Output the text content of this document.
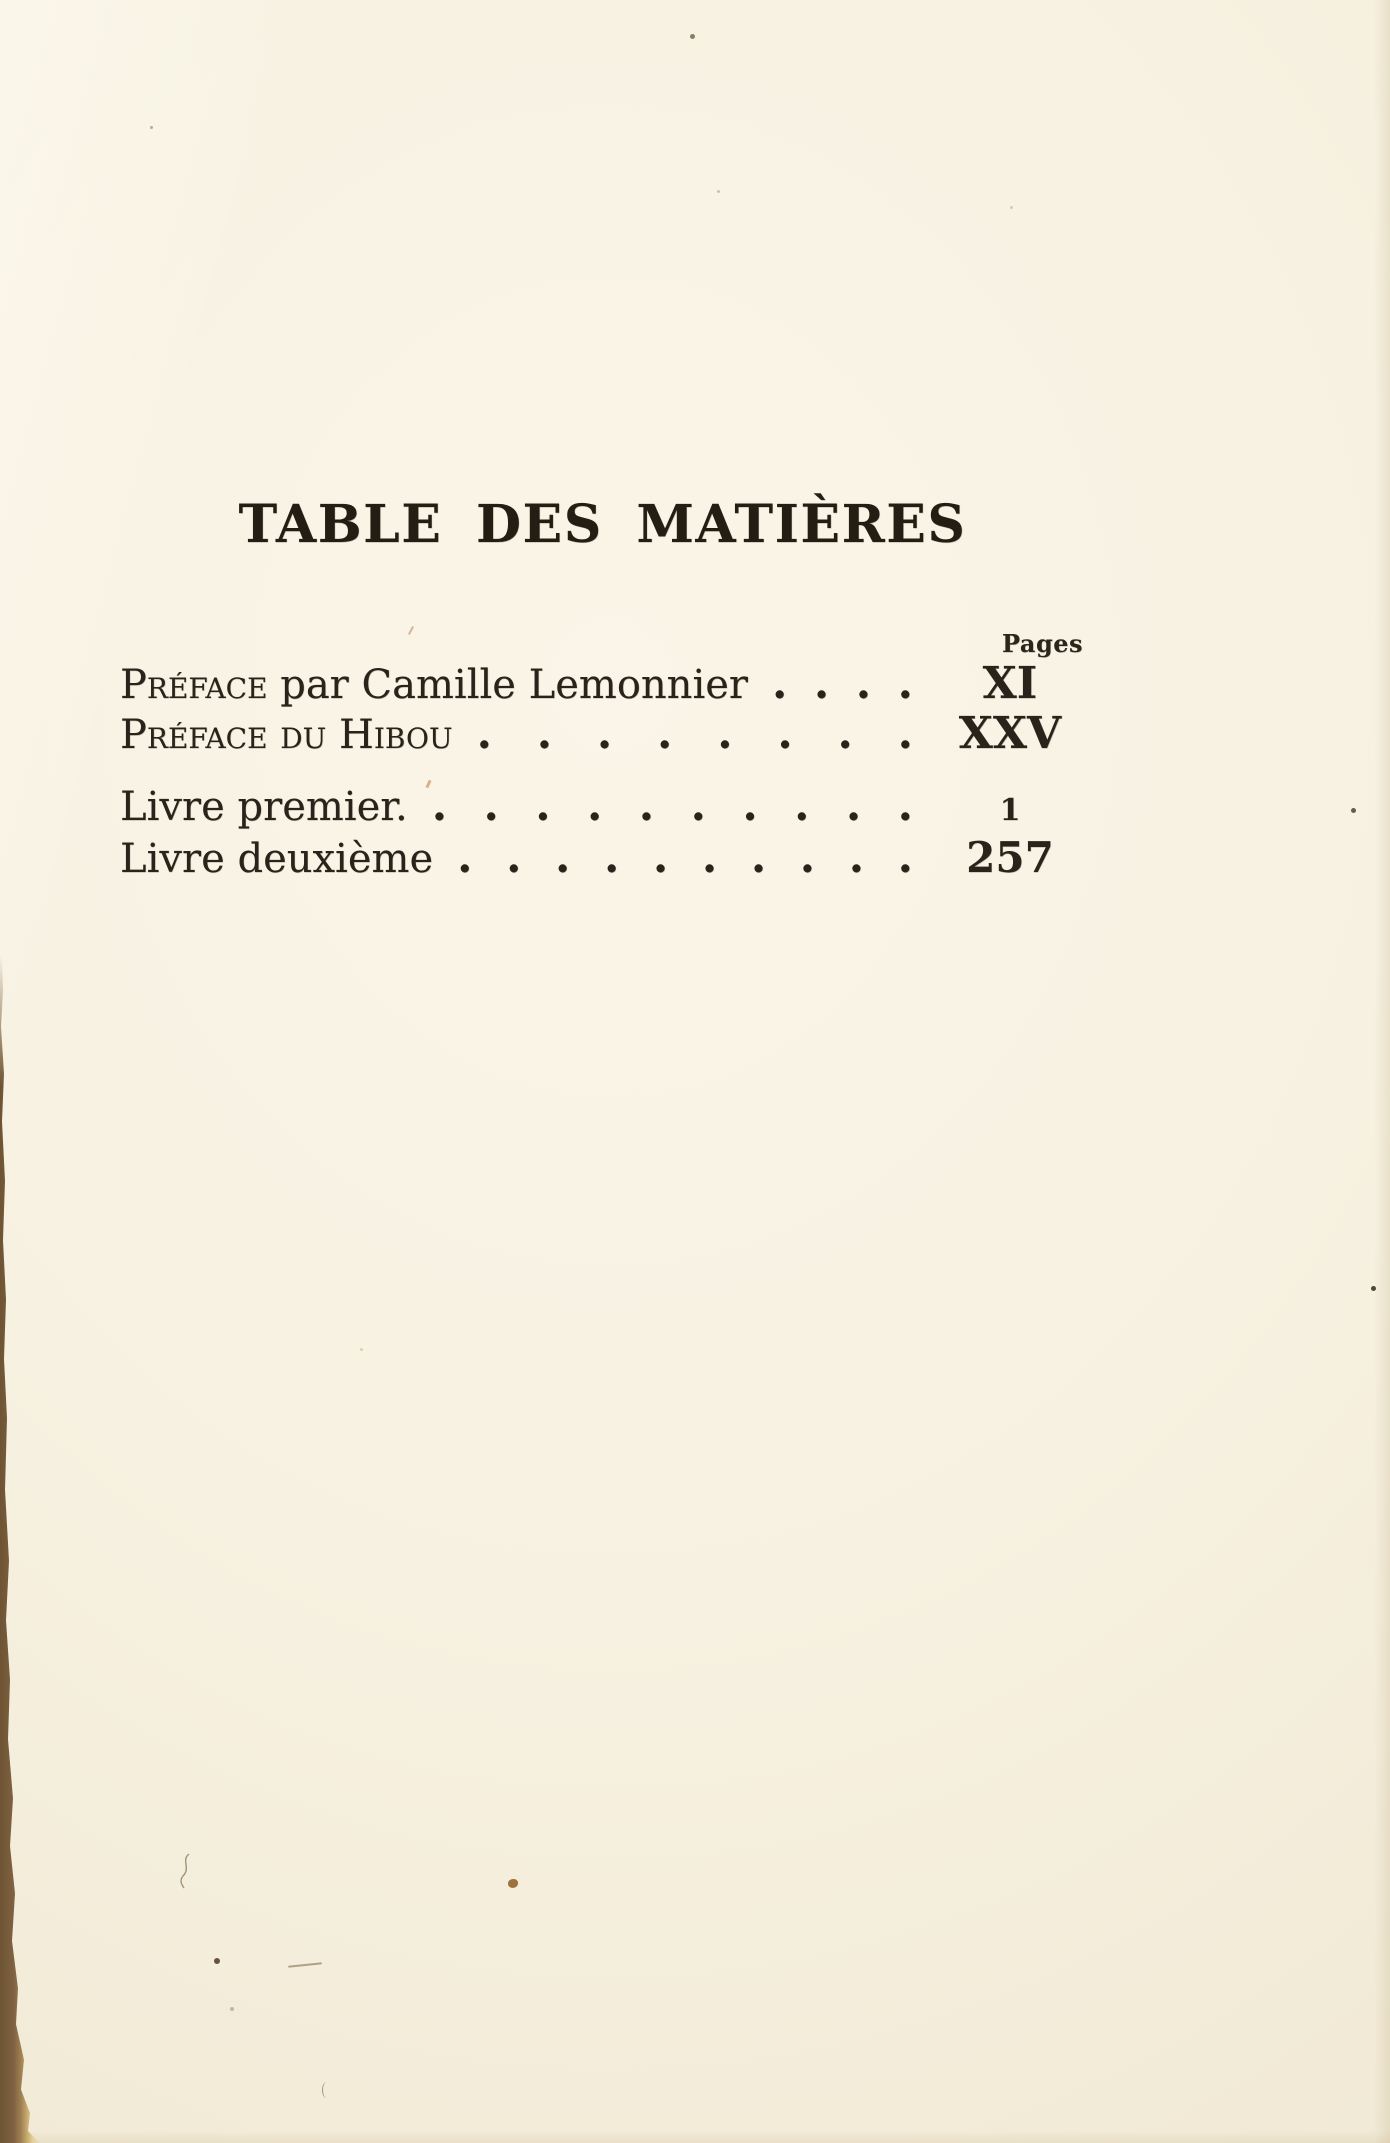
TABLE DES MATIÈRES
Pages
Préface par Camille Lemonnier . . . .	XI
Préface du Hibou . . . . . . . .	XXV
Livre premier. . . . . . . . . . .	1
Livre deuxième . . . . . . . . . .	257
